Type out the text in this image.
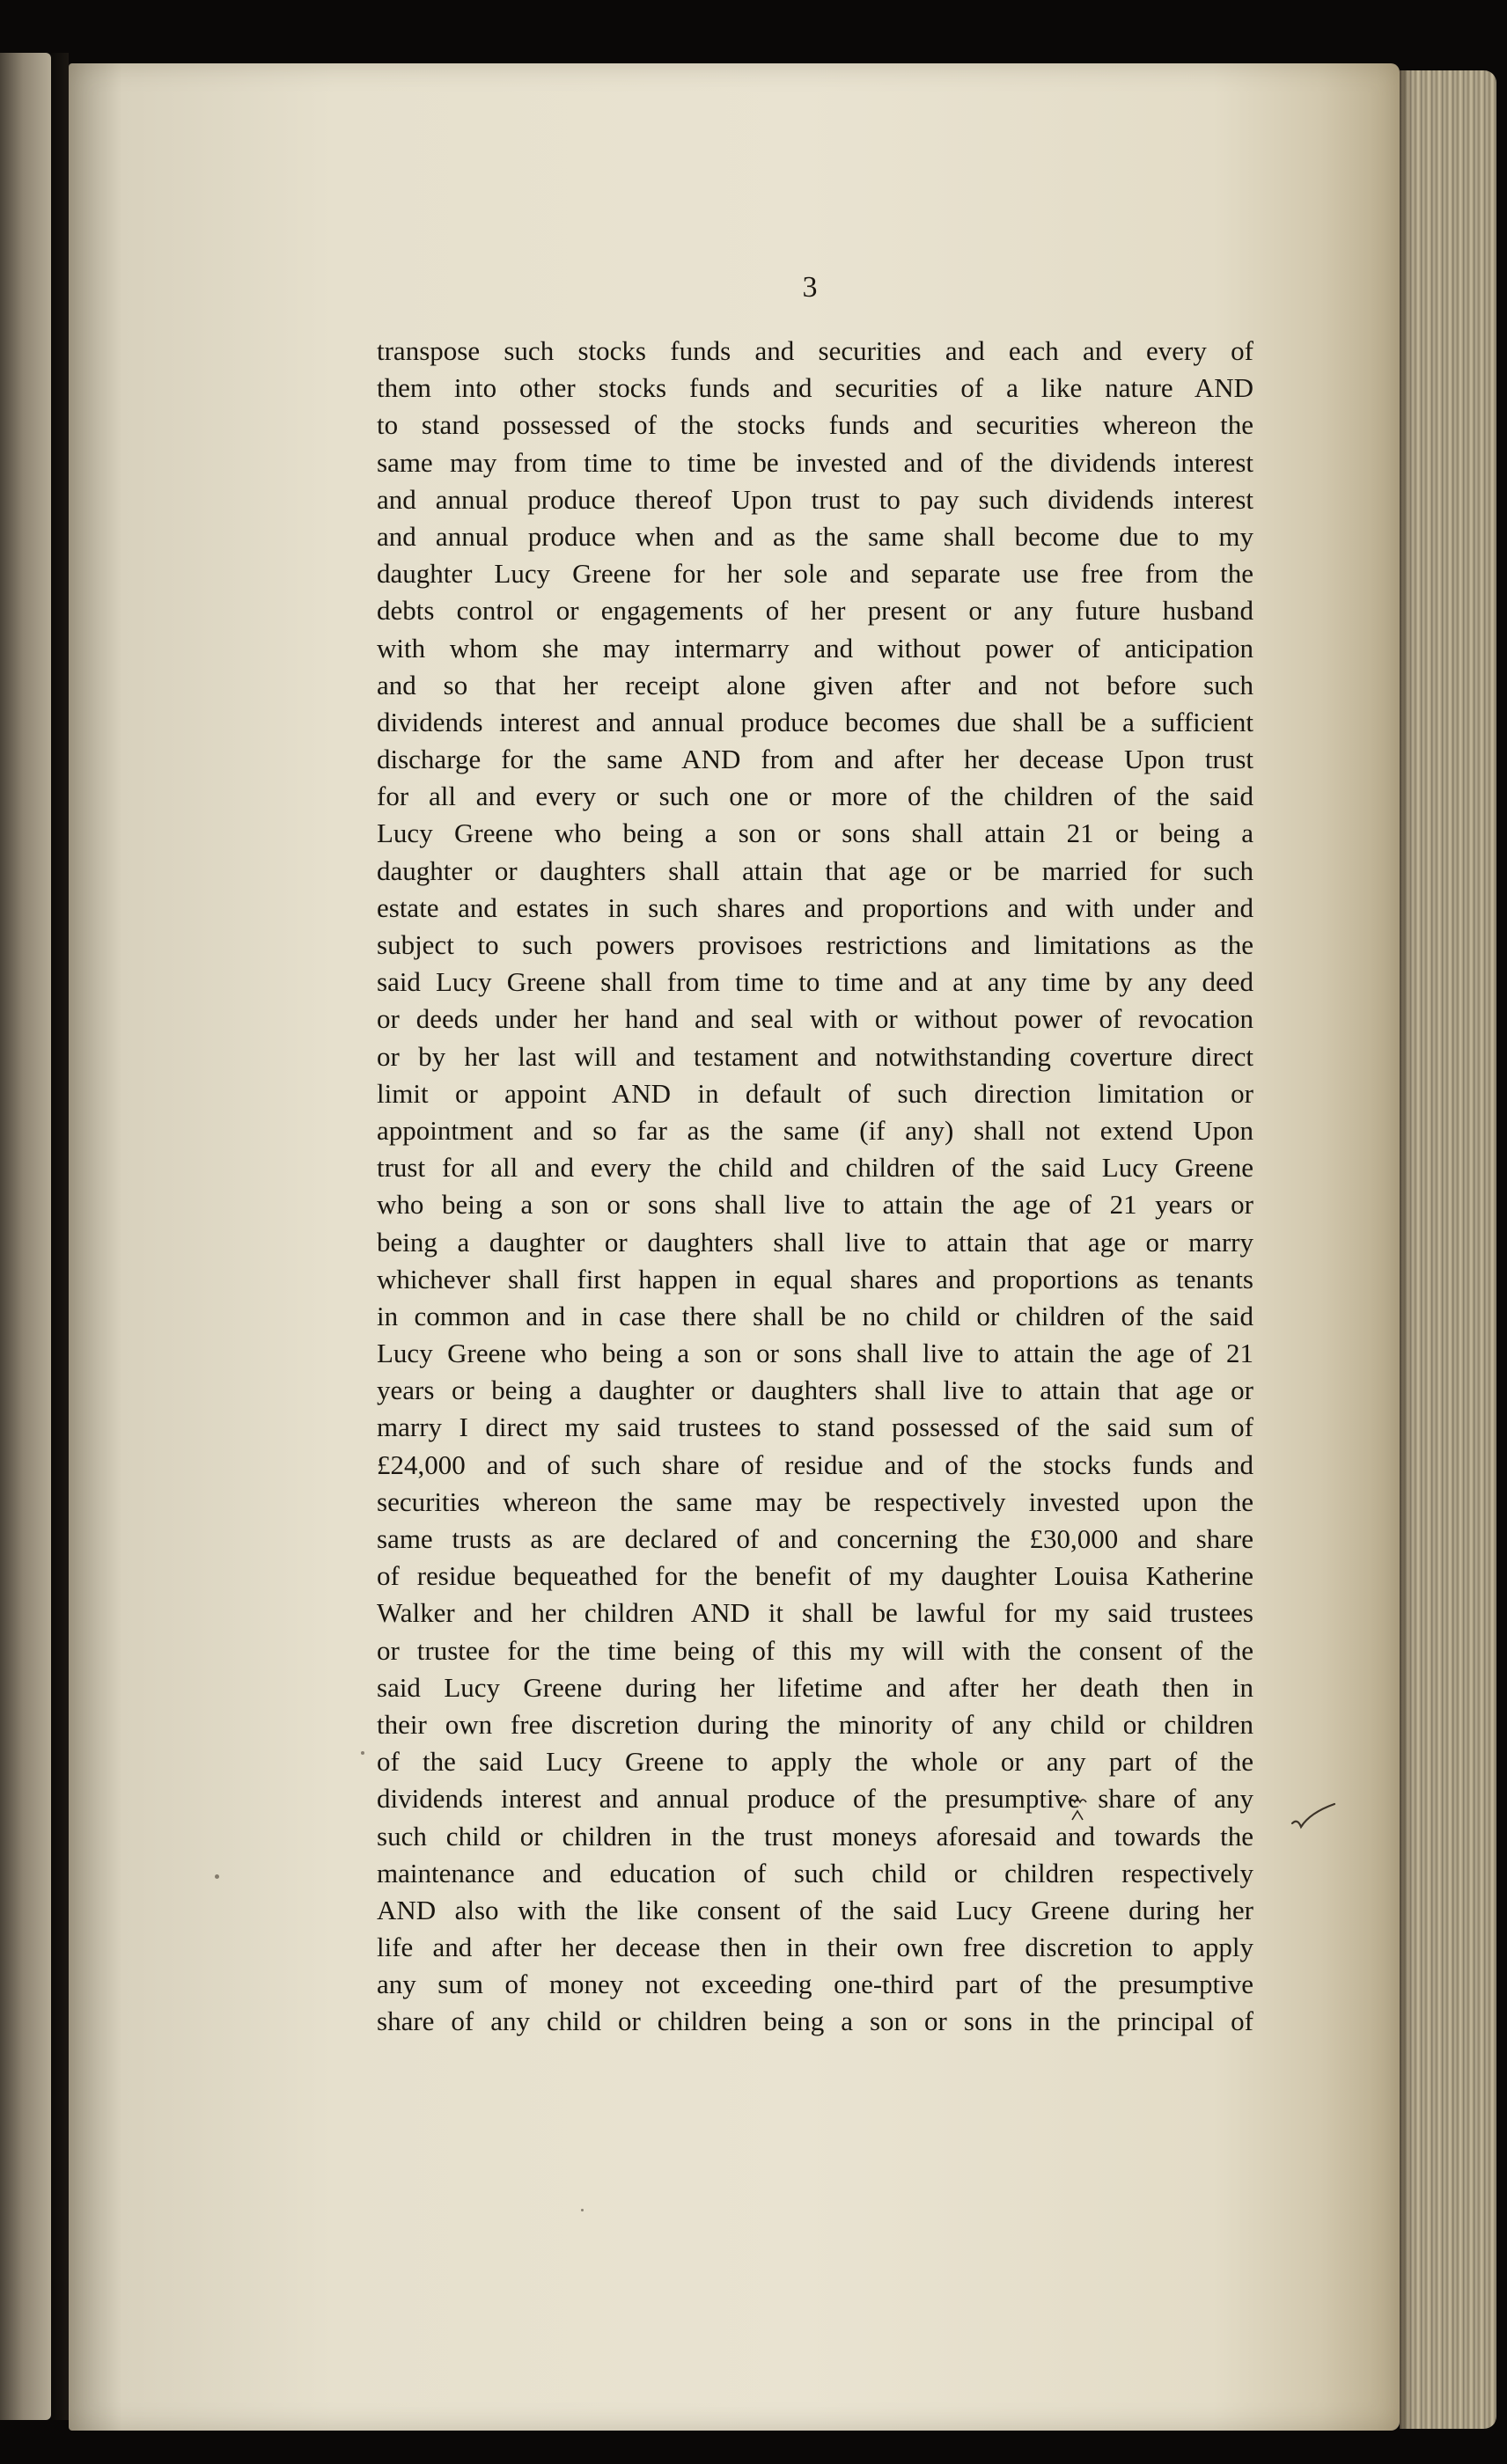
3
transpose such stocks funds and securities and each and every of
them into other stocks funds and securities of a like nature AND
to stand possessed of the stocks funds and securities whereon the
same may from time to time be invested and of the dividends interest
and annual produce thereof Upon trust to pay such dividends interest
and annual produce when and as the same shall become due to my
daughter Lucy Greene for her sole and separate use free from the
debts control or engagements of her present or any future husband
with whom she may intermarry and without power of anticipation
and so that her receipt alone given after and not before such
dividends interest and annual produce becomes due shall be a sufficient
discharge for the same AND from and after her decease Upon trust
for all and every or such one or more of the children of the said
Lucy Greene who being a son or sons shall attain 21 or being a
daughter or daughters shall attain that age or be married for such
estate and estates in such shares and proportions and with under and
subject to such powers provisoes restrictions and limitations as the
said Lucy Greene shall from time to time and at any time by any deed
or deeds under her hand and seal with or without power of revocation
or by her last will and testament and notwithstanding coverture direct
limit or appoint AND in default of such direction limitation or
appointment and so far as the same (if any) shall not extend Upon
trust for all and every the child and children of the said Lucy Greene
who being a son or sons shall live to attain the age of 21 years or
being a daughter or daughters shall live to attain that age or marry
whichever shall first happen in equal shares and proportions as tenants
in common and in case there shall be no child or children of the said
Lucy Greene who being a son or sons shall live to attain the age of 21
years or being a daughter or daughters shall live to attain that age or
marry I direct my said trustees to stand possessed of the said sum of
£24,000 and of such share of residue and of the stocks funds and
securities whereon the same may be respectively invested upon the
same trusts as are declared of and concerning the £30,000 and share
of residue bequeathed for the benefit of my daughter Louisa Katherine
Walker and her children AND it shall be lawful for my said trustees
or trustee for the time being of this my will with the consent of the
said Lucy Greene during her lifetime and after her death then in
their own free discretion during the minority of any child or children
of the said Lucy Greene to apply the whole or any part of the
dividends interest and annual produce of the presumptive share of any
such child or children in the trust moneys aforesaid and towards the
maintenance and education of such child or children respectively
AND also with the like consent of the said Lucy Greene during her
life and after her decease then in their own free discretion to apply
any sum of money not exceeding one-third part of the presumptive
share of any child or children being a son or sons in the principal of
